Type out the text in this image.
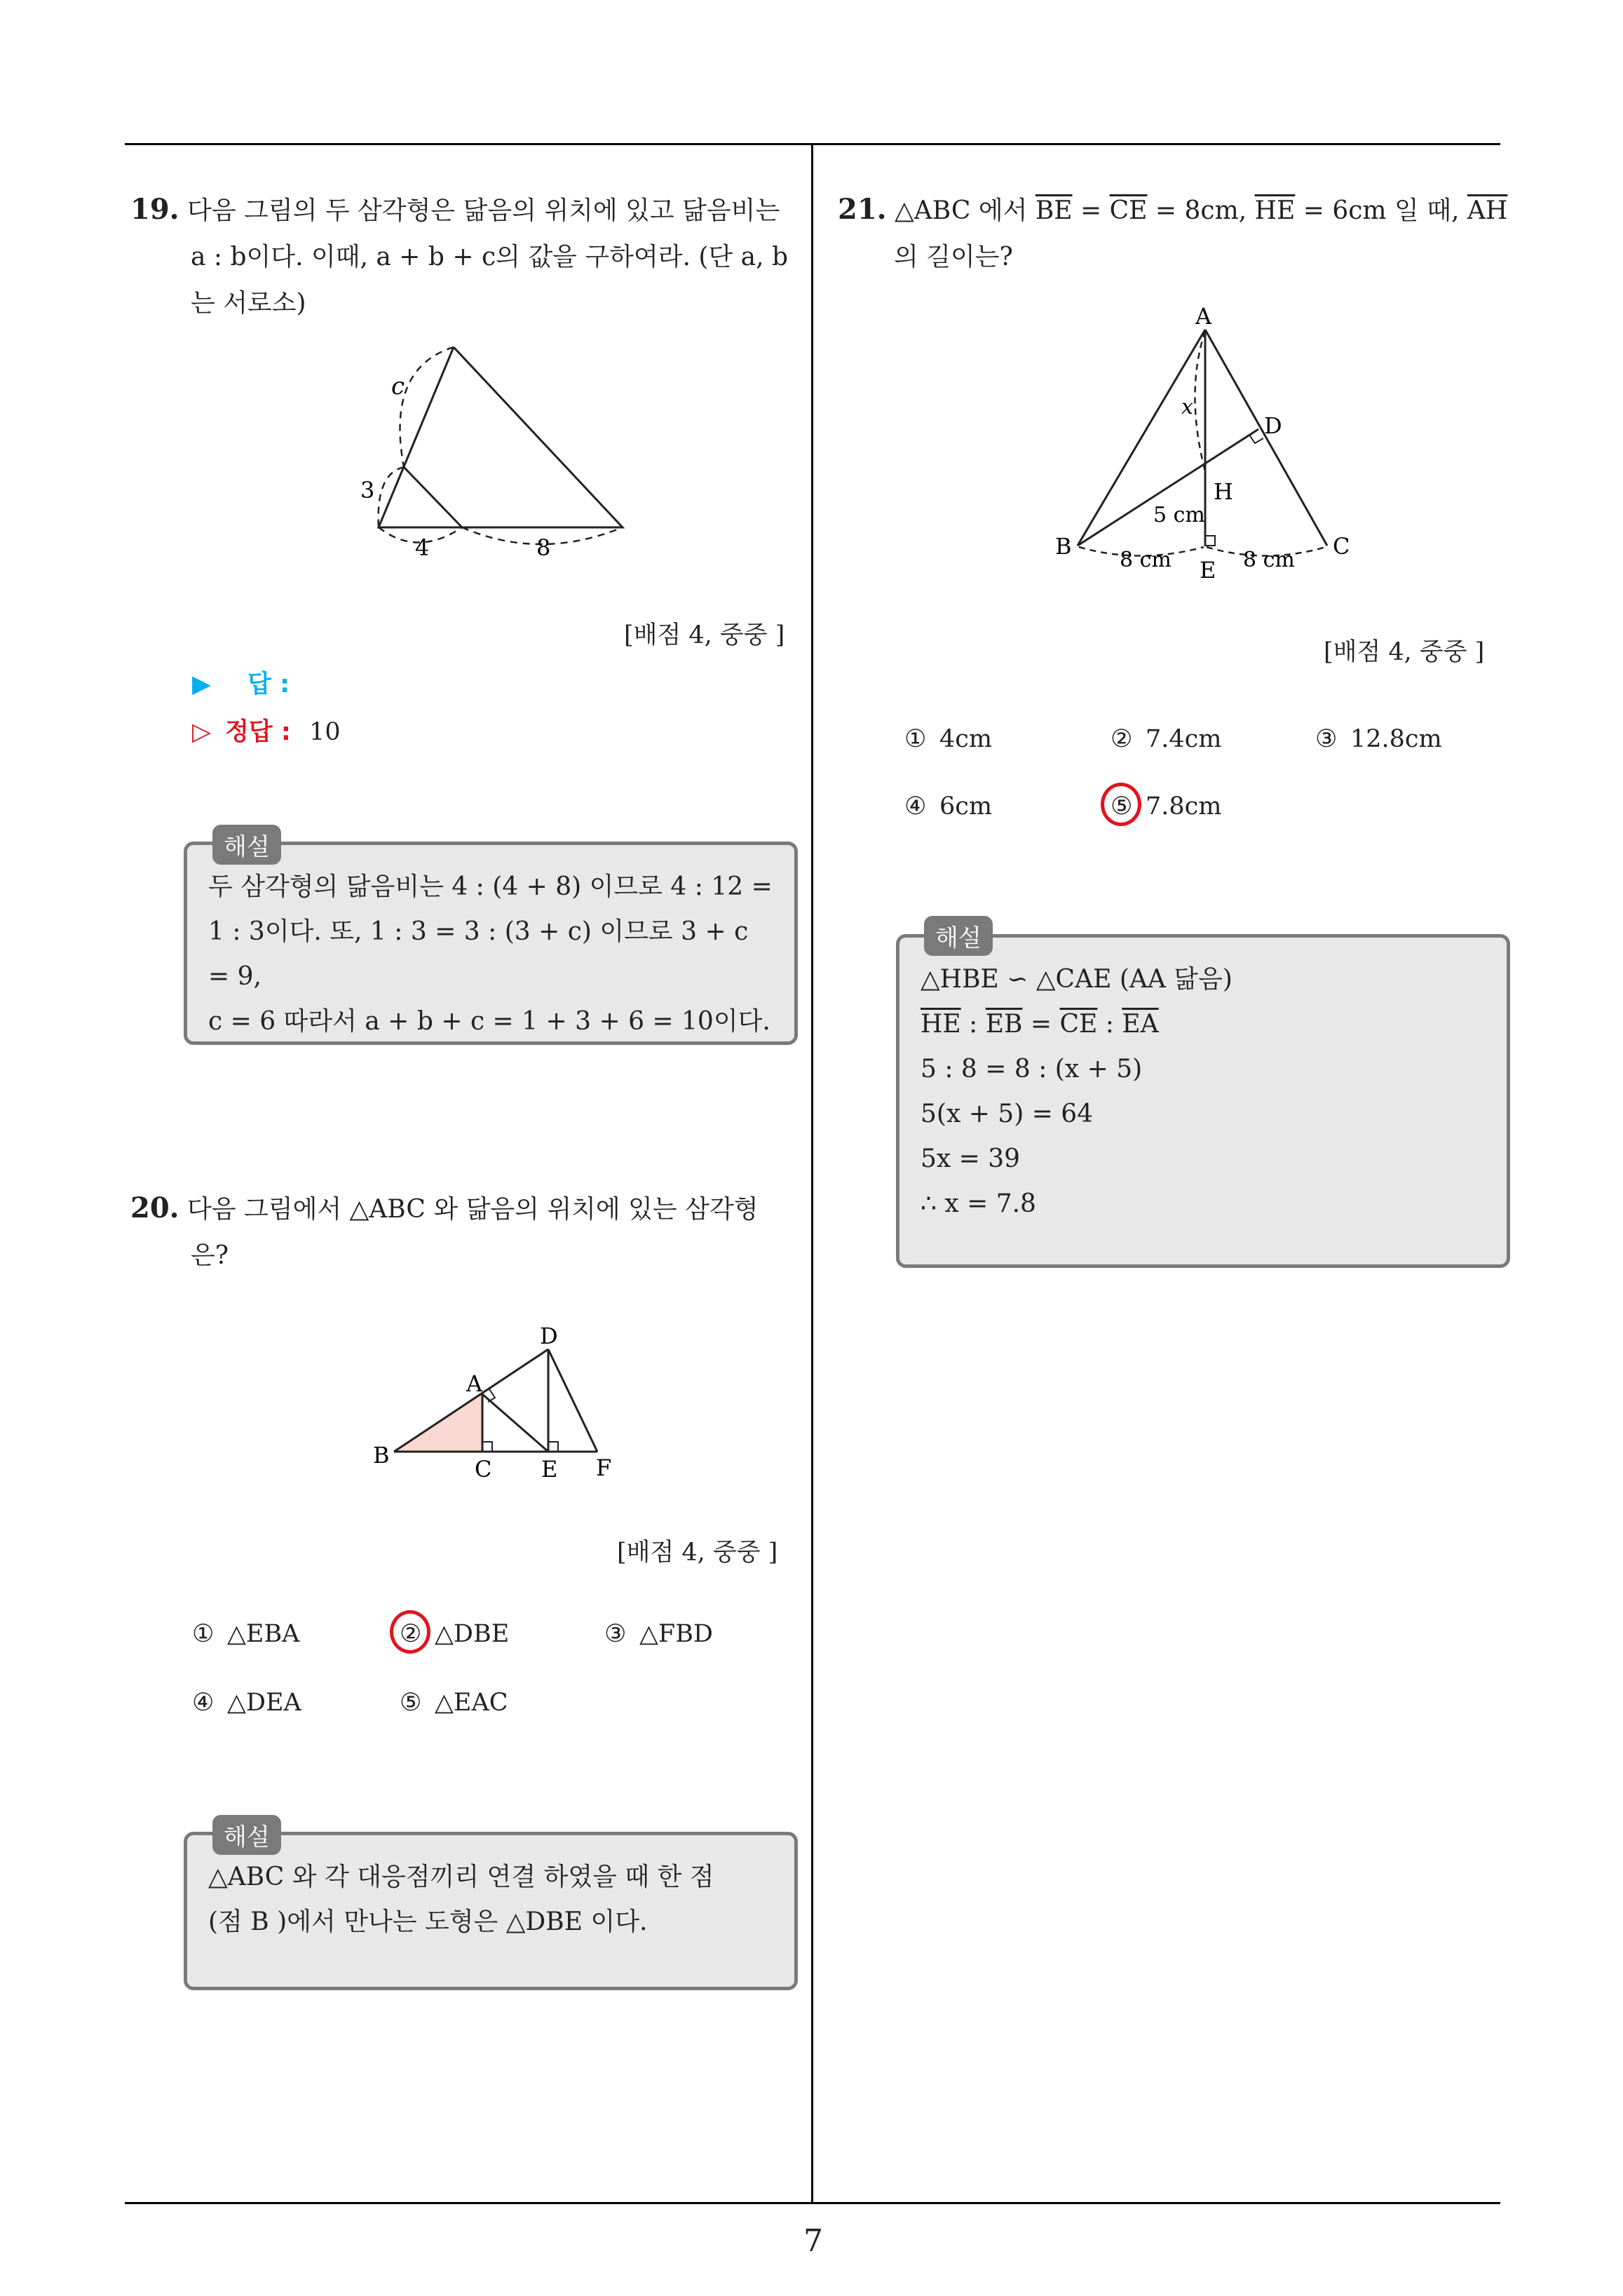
19. 다음 그림의 두 삼각형은 닮음의 위치에 있고 닮음비는
a : b이다. 이때, a + b + c의 값을 구하여라. (단 a, b
는 서로소)
c
3
4	8
[배점 4, 중중 ]
▶ 답 :
▷ 정답 : 10
두 삼각형의 닮음비는 4 : (4 + 8) 이므로 4 : 12 =
1 : 3이다. 또, 1 : 3 = 3 : (3 + c) 이므로 3 + c = 9,
c = 6 따라서 a + b + c = 1 + 3 + 6 = 10이다.
해설
20. 다음 그림에서 △ABC 와 닮음의 위치에 있는 삼각형
은?
A
B
C
D
E F
[배점 4, 중중 ]
① △EBA	② △DBE	③ △FBD
④ △DEA	⑤ △EAC
△ABC 와 각 대응점끼리 연결 하였을 때 한 점
(점 B )에서 만나는 도형은 △DBE 이다.
해설
21. △ABC 에서 $\overline{BE} = \overline{CE} = 8cm$, $\overline{HE} = 6cm$ 일 때, $\overline{AH}$
의 길이는?
A
B	C
D
E
H
x
5 cm
8 cm	8 cm
[배점 4, 중중 ]
① 4cm	② 7.4cm	③ 12.8cm
④ 6cm	⑤ 7.8cm
△HBE ∽ △CAE (AA 닮음)
$\overline{HE}$ : $\overline{EB} = \overline{CE}$ : $\overline{EA}$
5 : 8 = 8 : (x + 5)
5(x + 5) = 64
5x = 39
∴ x = 7.8
해설
7
